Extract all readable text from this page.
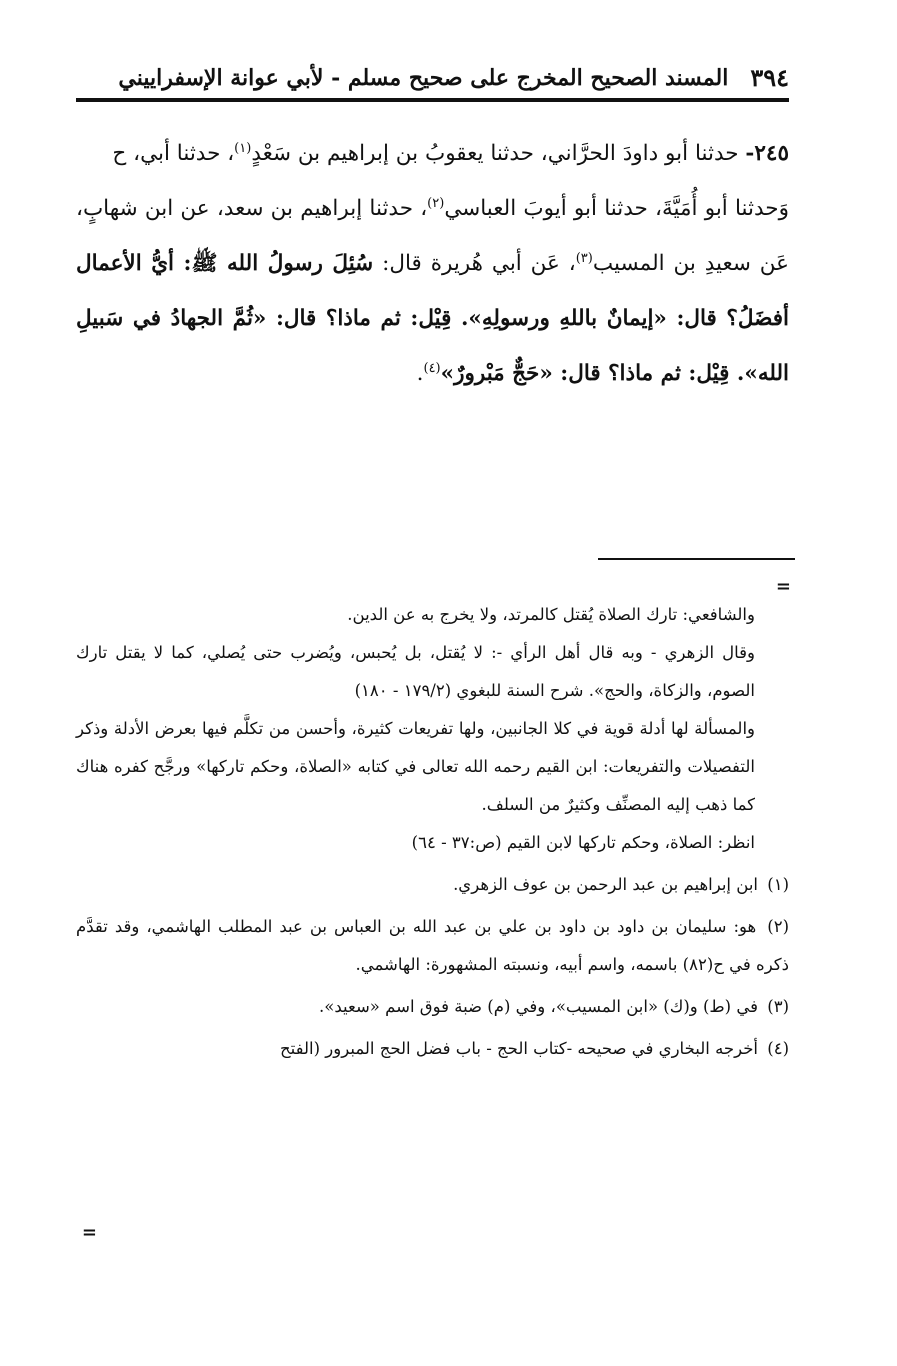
٣٩٤
المسند الصحيح المخرج على صحيح مسلم - لأبي عوانة الإسفراييني

٢٤٥- حدثنا أبو داودَ الحرَّاني، حدثنا يعقوبُ بن إبراهيم بن سَعْدٍ$^{(١)}$، حدثنا أبي، ح

وَحدثنا أبو أُمَيَّةَ، حدثنا أبو أيوبَ العباسي$^{(٢)}$، حدثنا إبراهيم بن سعد، عن ابن شهابٍ، عَن سعيدِ بن المسيب$^{(٣)}$، عَن أبي هُريرة قال: سُئِلَ رسولُ الله ﷺ: أيُّ الأعمال أفضَلُ؟ قال: «إيمانٌ باللهِ ورسولِهِ». قِيْل: ثم ماذا؟ قال: «ثُمَّ الجهادُ في سَبيلِ الله». قِيْل: ثم ماذا؟ قال: «حَجٌّ مَبْرورٌ»$^{(٤)}$.

=

والشافعي: تارك الصلاة يُقتل كالمرتد، ولا يخرج به عن الدين.

وقال الزهري - وبه قال أهل الرأي -: لا يُقتل، بل يُحبس، ويُضرب حتى يُصلي، كما لا يقتل تارك الصوم، والزكاة، والحج». شرح السنة للبغوي (١٧٩/٢ - ١٨٠)

والمسألة لها أدلة قوية في كلا الجانبين، ولها تفريعات كثيرة، وأحسن من تكلَّم فيها بعرض الأدلة وذكر التفصيلات والتفريعات: ابن القيم رحمه الله تعالى في كتابه «الصلاة، وحكم تاركها» ورجَّح كفره هناك كما ذهب إليه المصنِّف وكثيرٌ من السلف.

انظر: الصلاة، وحكم تاركها لابن القيم (ص:٣٧ - ٦٤)

(١) ابن إبراهيم بن عبد الرحمن بن عوف الزهري.

(٢) هو: سليمان بن داود بن داود بن علي بن عبد الله بن العباس بن عبد المطلب الهاشمي، وقد تقدَّم ذكره في ح(٨٢) باسمه، واسم أبيه، ونسبته المشهورة: الهاشمي.

(٣) في (ط) و(ك) «ابن المسيب»، وفي (م) ضبة فوق اسم «سعيد».

(٤) أخرجه البخاري في صحيحه -كتاب الحج - باب فضل الحج المبرور (الفتح

=
